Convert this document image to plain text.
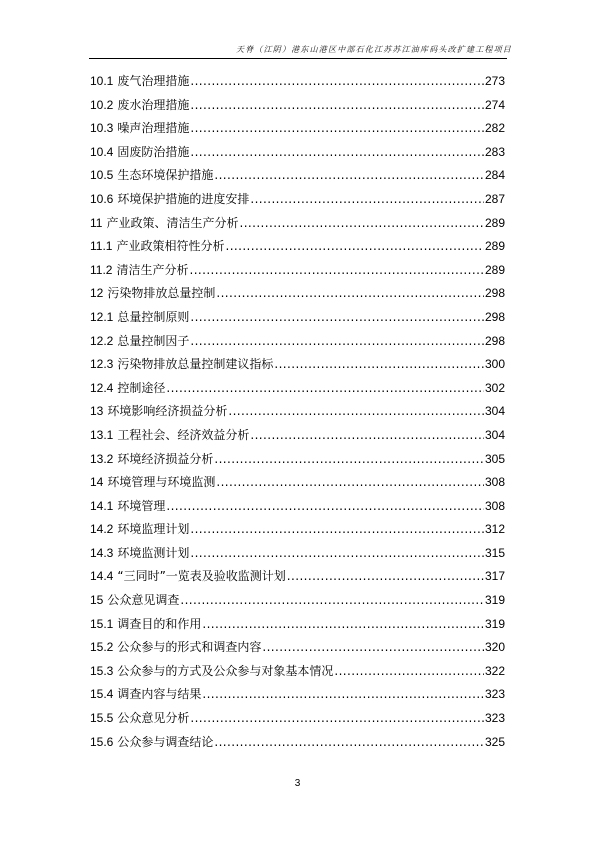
天脊（江阴）港东山港区中部石化江苏苏江油库码头改扩建工程项目
10.1 废气治理措施 .....	273
10.2 废水治理措施 .....	274
10.3 噪声治理措施 .....	282
10.4 固废防治措施 .....	283
10.5 生态环境保护措施 .....	284
10.6 环境保护措施的进度安排 .....	287
11 产业政策、清洁生产分析 .....	289
11.1 产业政策相符性分析 .....	289
11.2 清洁生产分析 .....	289
12 污染物排放总量控制 .....	298
12.1 总量控制原则 .....	298
12.2 总量控制因子 .....	298
12.3 污染物排放总量控制建议指标 .....	300
12.4 控制途径 .....	302
13 环境影响经济损益分析 .....	304
13.1 工程社会、经济效益分析 .....	304
13.2 环境经济损益分析 .....	305
14 环境管理与环境监测 .....	308
14.1 环境管理 .....	308
14.2 环境监理计划 .....	312
14.3 环境监测计划 .....	315
14.4 “三同时”一览表及验收监测计划 .....	317
15 公众意见调查 .....	319
15.1 调查目的和作用 .....	319
15.2 公众参与的形式和调查内容 .....	320
15.3 公众参与的方式及公众参与对象基本情况 .....	322
15.4 调查内容与结果 .....	323
15.5 公众意见分析 .....	323
15.6 公众参与调查结论 .....	325
3
